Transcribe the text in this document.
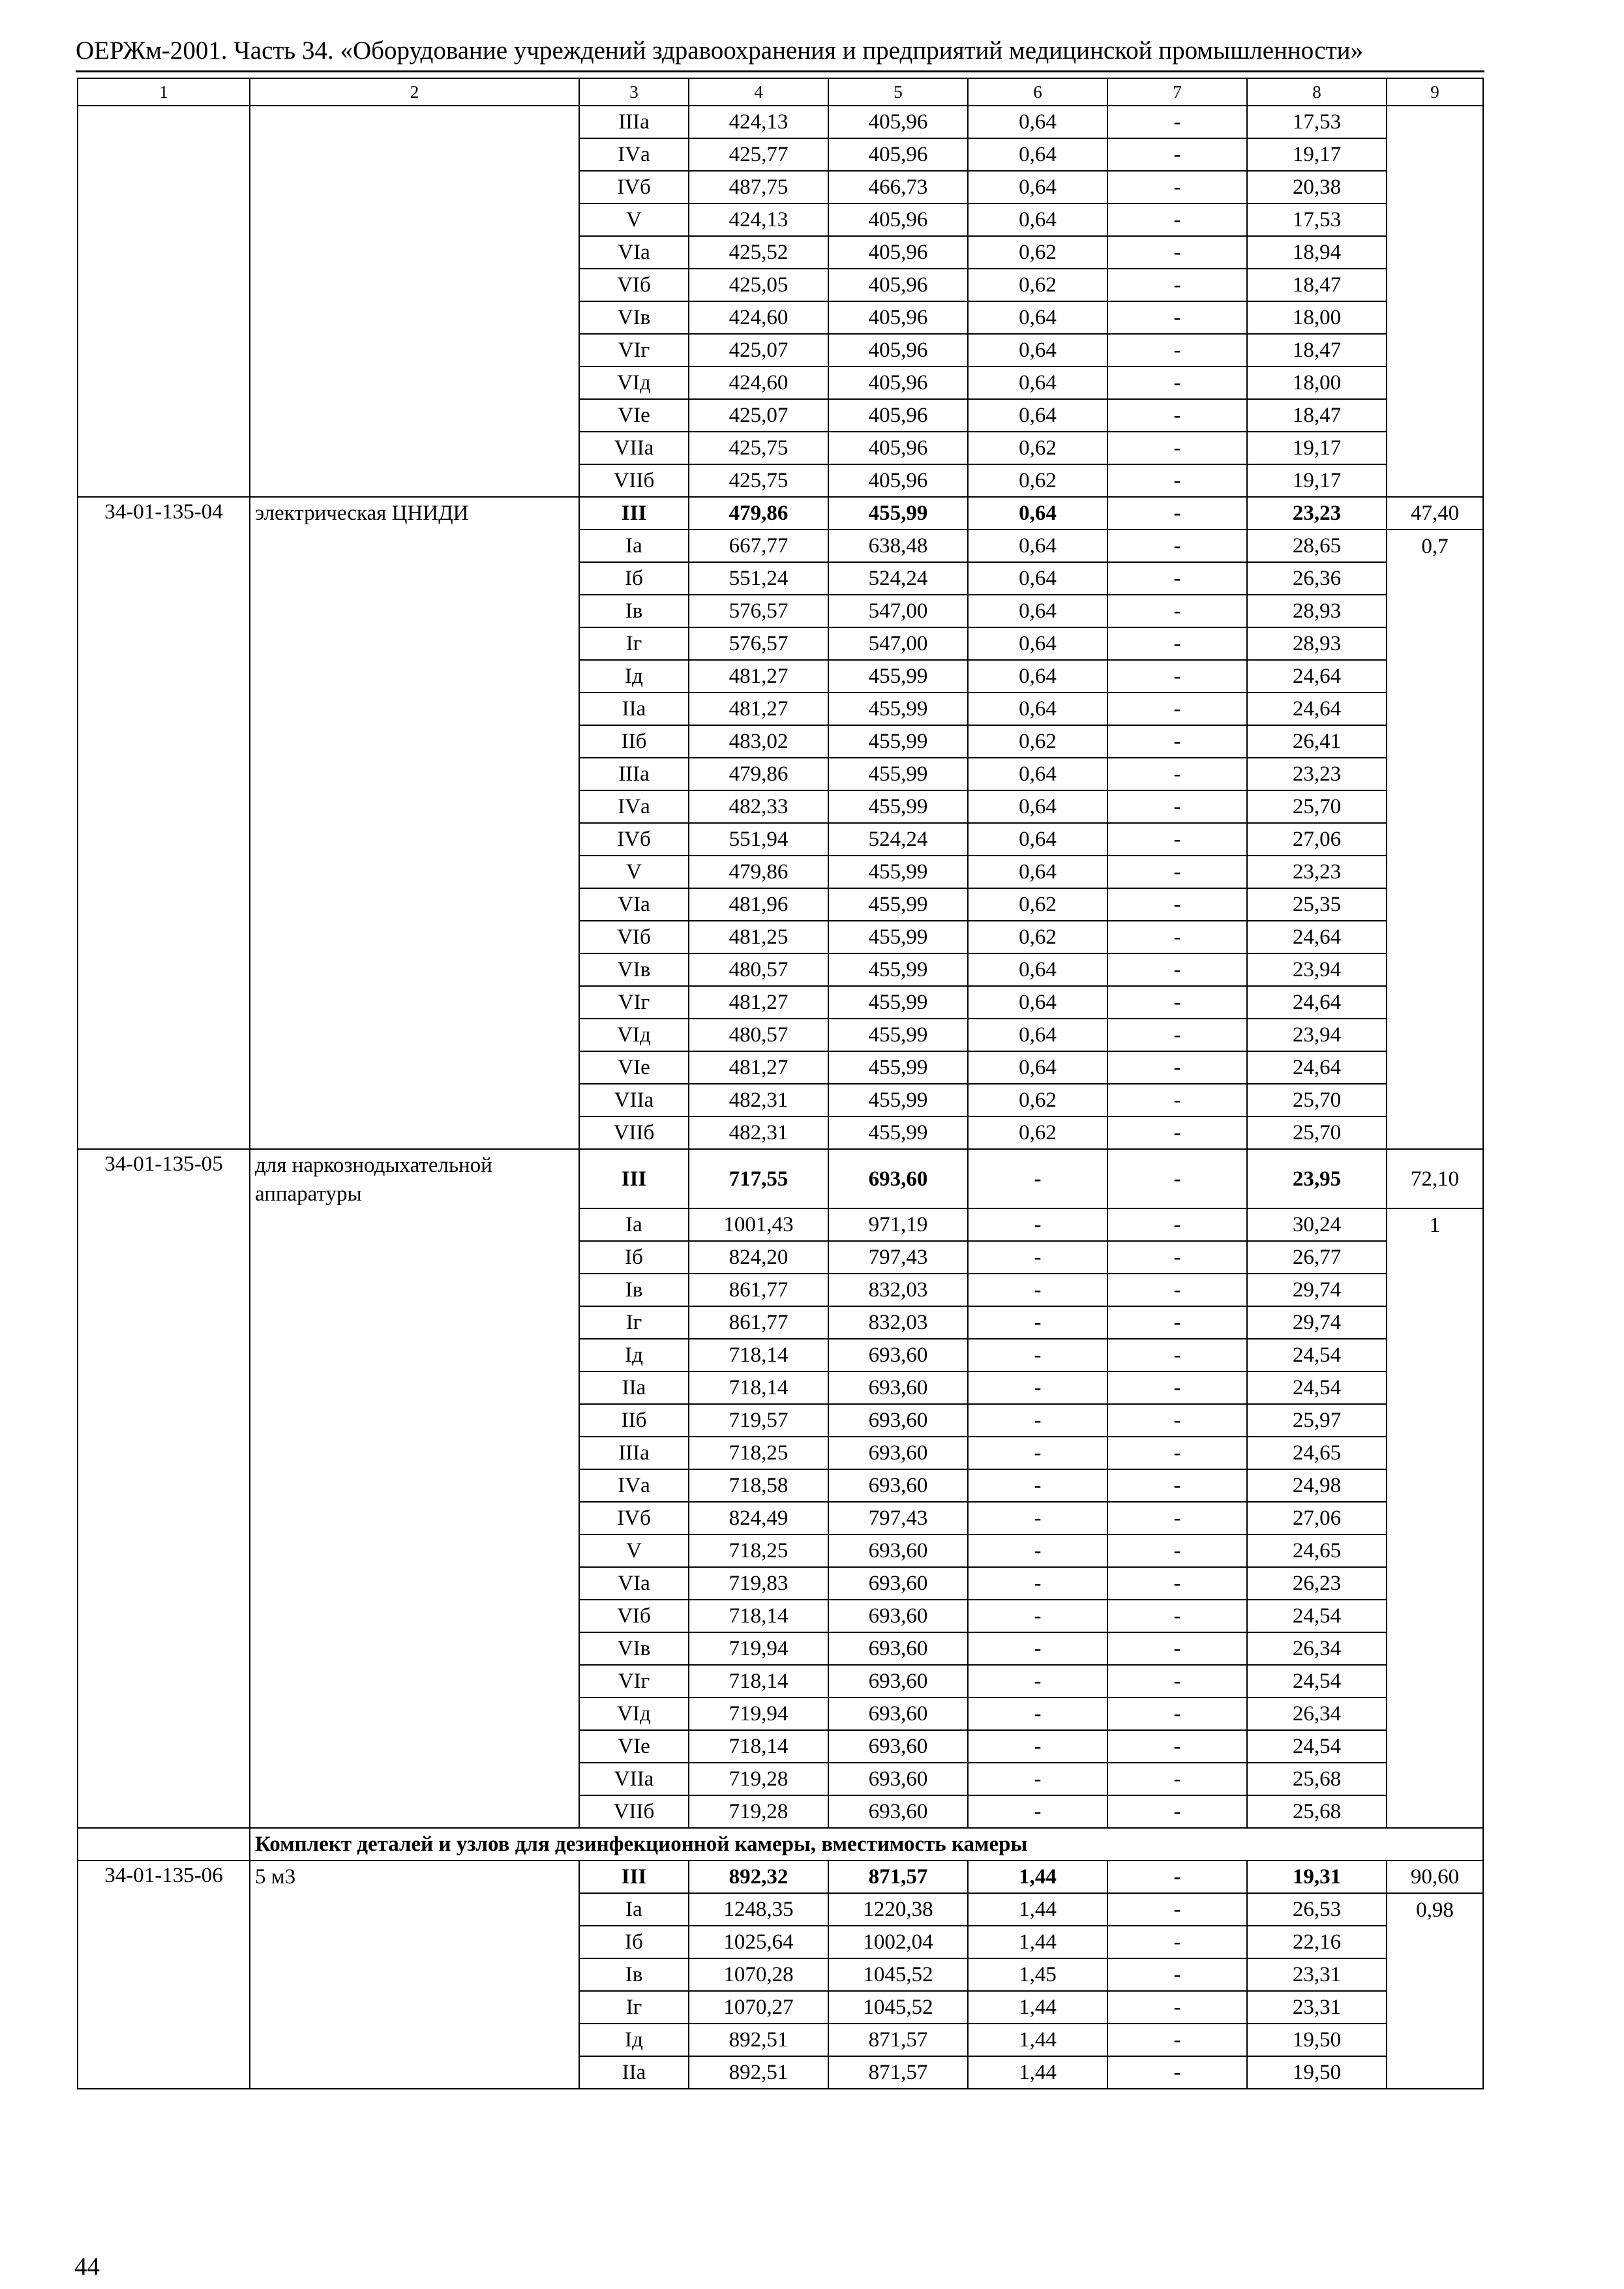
ОЕРЖм-2001. Часть 34. «Оборудование учреждений здравоохранения и предприятий медицинской промышленности»
1	2	3	4	5	6	7	8	9
		IIIа	424,13	405,96	0,64	-	17,53	
		IVа	425,77	405,96	0,64	-	19,17	
		IVб	487,75	466,73	0,64	-	20,38	
		V	424,13	405,96	0,64	-	17,53	
		VIа	425,52	405,96	0,62	-	18,94	
		VIб	425,05	405,96	0,62	-	18,47	
		VIв	424,60	405,96	0,64	-	18,00	
		VIг	425,07	405,96	0,64	-	18,47	
		VIд	424,60	405,96	0,64	-	18,00	
		VIе	425,07	405,96	0,64	-	18,47	
		VIIа	425,75	405,96	0,62	-	19,17	
		VIIб	425,75	405,96	0,62	-	19,17	
34-01-135-04	электрическая ЦНИДИ	III	479,86	455,99	0,64	-	23,23	47,40
		Iа	667,77	638,48	0,64	-	28,65	0,7
		Iб	551,24	524,24	0,64	-	26,36	
		Iв	576,57	547,00	0,64	-	28,93	
		Iг	576,57	547,00	0,64	-	28,93	
		Iд	481,27	455,99	0,64	-	24,64	
		IIа	481,27	455,99	0,64	-	24,64	
		IIб	483,02	455,99	0,62	-	26,41	
		IIIа	479,86	455,99	0,64	-	23,23	
		IVа	482,33	455,99	0,64	-	25,70	
		IVб	551,94	524,24	0,64	-	27,06	
		V	479,86	455,99	0,64	-	23,23	
		VIа	481,96	455,99	0,62	-	25,35	
		VIб	481,25	455,99	0,62	-	24,64	
		VIв	480,57	455,99	0,64	-	23,94	
		VIг	481,27	455,99	0,64	-	24,64	
		VIд	480,57	455,99	0,64	-	23,94	
		VIе	481,27	455,99	0,64	-	24,64	
		VIIа	482,31	455,99	0,62	-	25,70	
		VIIб	482,31	455,99	0,62	-	25,70	
34-01-135-05	для наркознодыхательной аппаратуры	III	717,55	693,60	-	-	23,95	72,10
		Iа	1001,43	971,19	-	-	30,24	1
		Iб	824,20	797,43	-	-	26,77	
		Iв	861,77	832,03	-	-	29,74	
		Iг	861,77	832,03	-	-	29,74	
		Iд	718,14	693,60	-	-	24,54	
		IIа	718,14	693,60	-	-	24,54	
		IIб	719,57	693,60	-	-	25,97	
		IIIа	718,25	693,60	-	-	24,65	
		IVа	718,58	693,60	-	-	24,98	
		IVб	824,49	797,43	-	-	27,06	
		V	718,25	693,60	-	-	24,65	
		VIа	719,83	693,60	-	-	26,23	
		VIб	718,14	693,60	-	-	24,54	
		VIв	719,94	693,60	-	-	26,34	
		VIг	718,14	693,60	-	-	24,54	
		VIд	719,94	693,60	-	-	26,34	
		VIе	718,14	693,60	-	-	24,54	
		VIIа	719,28	693,60	-	-	25,68	
		VIIб	719,28	693,60	-	-	25,68	
	Комплект деталей и узлов для дезинфекционной камеры, вместимость камеры							
34-01-135-06	5 м3	III	892,32	871,57	1,44	-	19,31	90,60
		Iа	1248,35	1220,38	1,44	-	26,53	0,98
		Iб	1025,64	1002,04	1,44	-	22,16	
		Iв	1070,28	1045,52	1,45	-	23,31	
		Iг	1070,27	1045,52	1,44	-	23,31	
		Iд	892,51	871,57	1,44	-	19,50	
		IIа	892,51	871,57	1,44	-	19,50	
44
